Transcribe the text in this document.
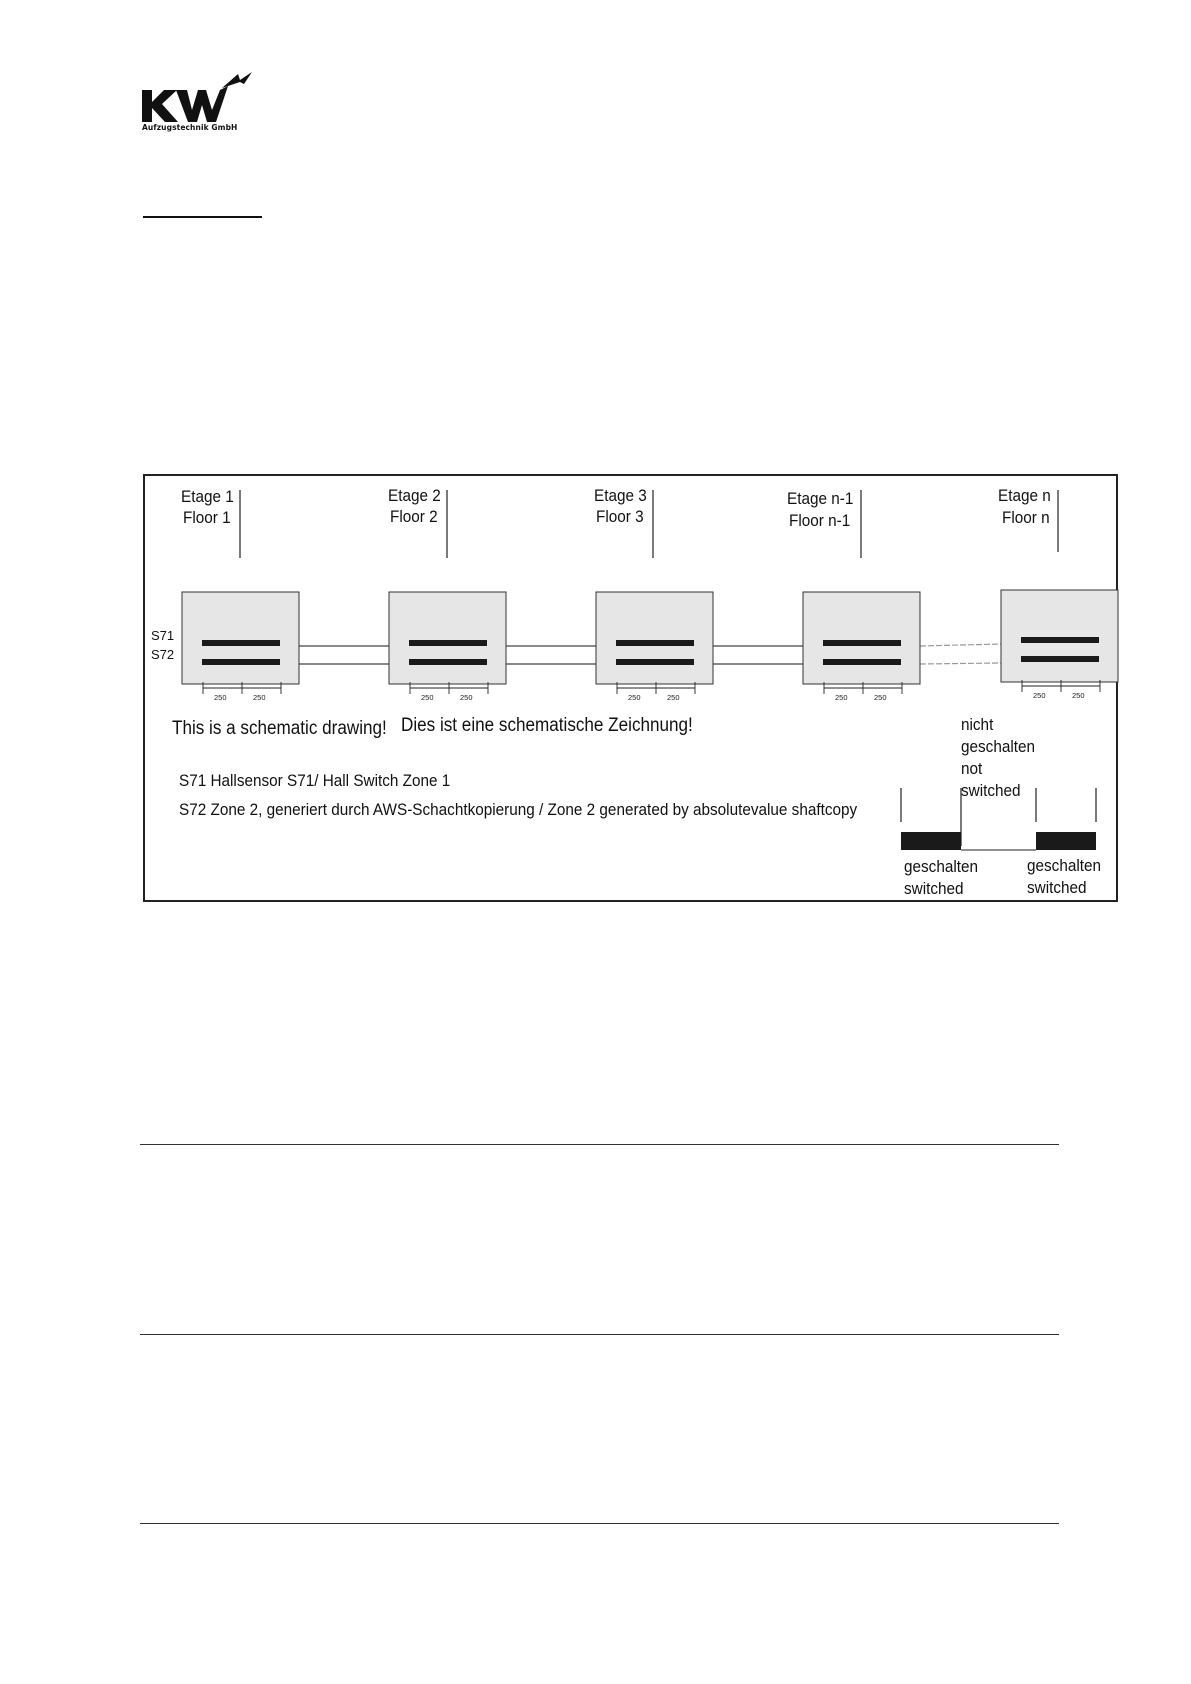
Aufzugstechnik GmbH
250	250	250	250	250	250	250	250	250	250
Etage 1
Floor 1
Etage 2
Floor 2
Etage 3
Floor 3
Etage n-1
Floor n-1
Etage n
Floor n
S71
S72
This is a schematic drawing! Dies ist eine schematische Zeichnung!
S71 Hallsensor S71/ Hall Switch Zone 1
S72 Zone 2, generiert durch AWS-Schachtkopierung / Zone 2 generated by absolutevalue shaftcopy
nicht
geschalten
not
switched
geschalten
switched
geschalten
switched
